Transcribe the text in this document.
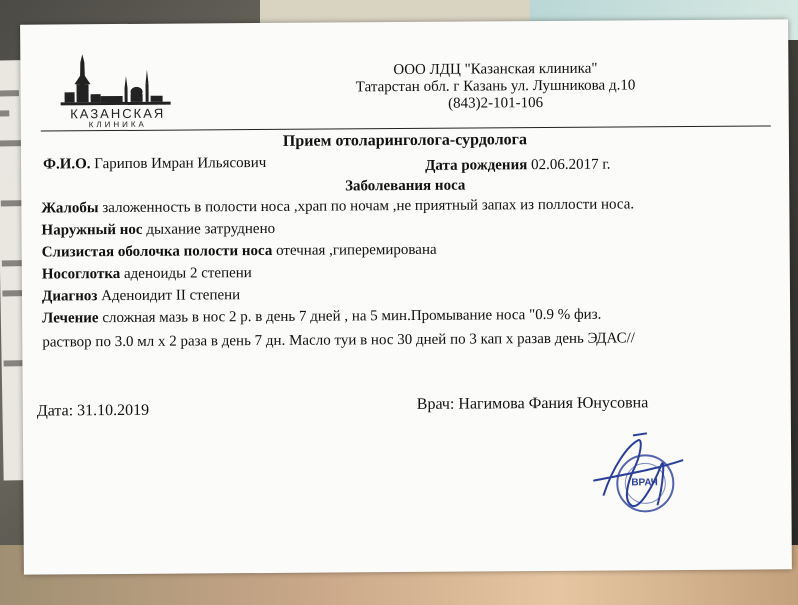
КАЗАНСКАЯ
КЛИНИКА
ООО ЛДЦ "Казанская клиника"
Татарстан обл. г Казань ул. Лушникова д.10
(843)2-101-106
Прием отоларинголога-сурдолога
Ф.И.О. Гарипов Имран Ильясович	Дата рождения 02.06.2017 г.
Заболевания носа
Жалобы заложенность в полости носа ,храп по ночам ,не приятный запах из поллости носа.
Наружный нос дыхание затруднено
Слизистая оболочка полости носа отечная ,гиперемирована
Носоглотка аденоиды 2 степени
Диагноз Аденоидит II степени
Лечение сложная мазь в нос 2 р. в день 7 дней , на 5 мин.Промывание носа "0.9 % физ.
раствор по 3.0 мл х 2 раза в день 7 дн. Масло туи в нос 30 дней по 3 кап х разав день ЭДАС//
Дата: 31.10.2019	Врач: Нагимова Фания Юнусовна
ВРАЧ
